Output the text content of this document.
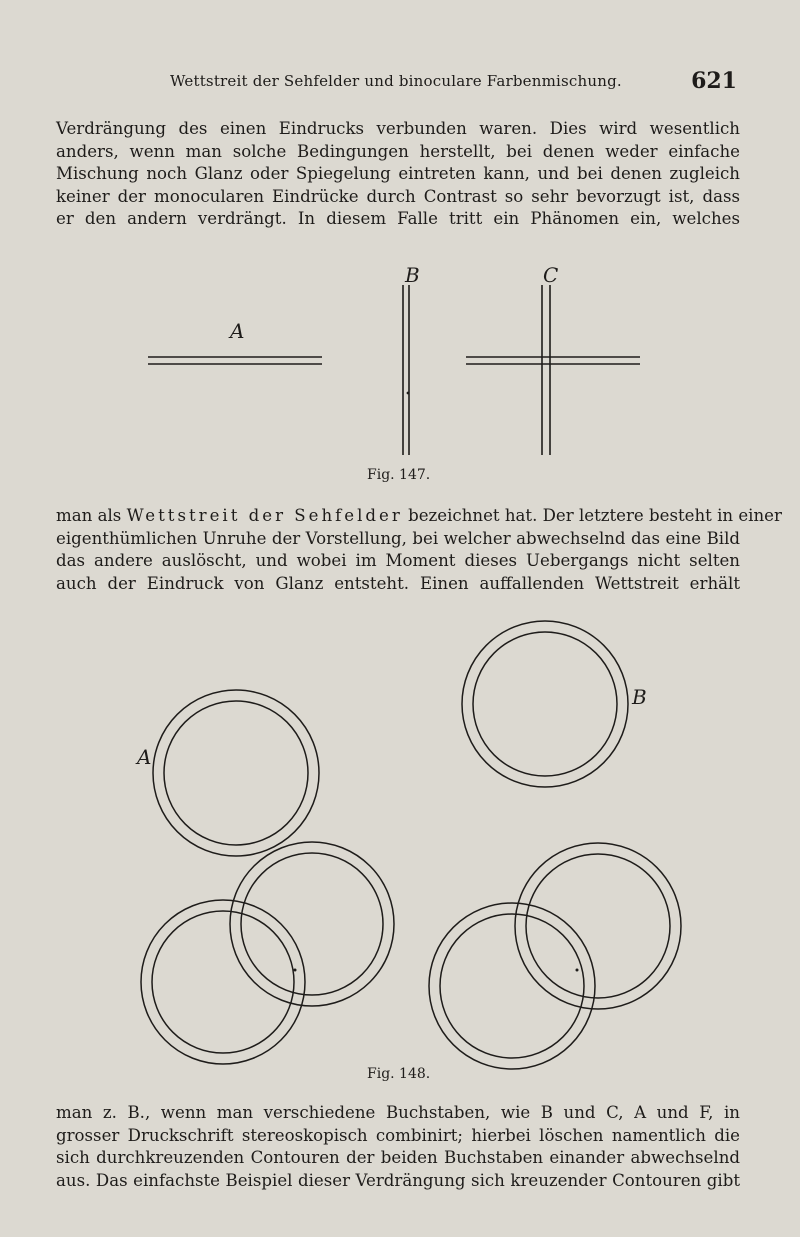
Wettstreit der Sehfelder und binoculare Farbenmischung.	621
Verdrängung des einen Eindrucks verbunden waren. Dies wird wesentlich
anders, wenn man solche Bedingungen herstellt, bei denen weder einfache
Mischung noch Glanz oder Spiegelung eintreten kann, und bei denen zugleich
keiner der monocularen Eindrücke durch Contrast so sehr bevorzugt ist, dass
er den andern verdrängt. In diesem Falle tritt ein Phänomen ein, welches
A
B	C
A
B
Fig. 147.
man als Wettstreit der Sehfelder bezeichnet hat. Der letztere besteht in einer
eigenthümlichen Unruhe der Vorstellung, bei welcher abwechselnd das eine Bild
das andere auslöscht, und wobei im Moment dieses Uebergangs nicht selten
auch der Eindruck von Glanz entsteht. Einen auffallenden Wettstreit erhält
Fig. 148.
man z. B., wenn man verschiedene Buchstaben, wie B und C, A und F, in
grosser Druckschrift stereoskopisch combinirt; hierbei löschen namentlich die
sich durchkreuzenden Contouren der beiden Buchstaben einander abwechselnd
aus. Das einfachste Beispiel dieser Verdrängung sich kreuzender Contouren gibt
